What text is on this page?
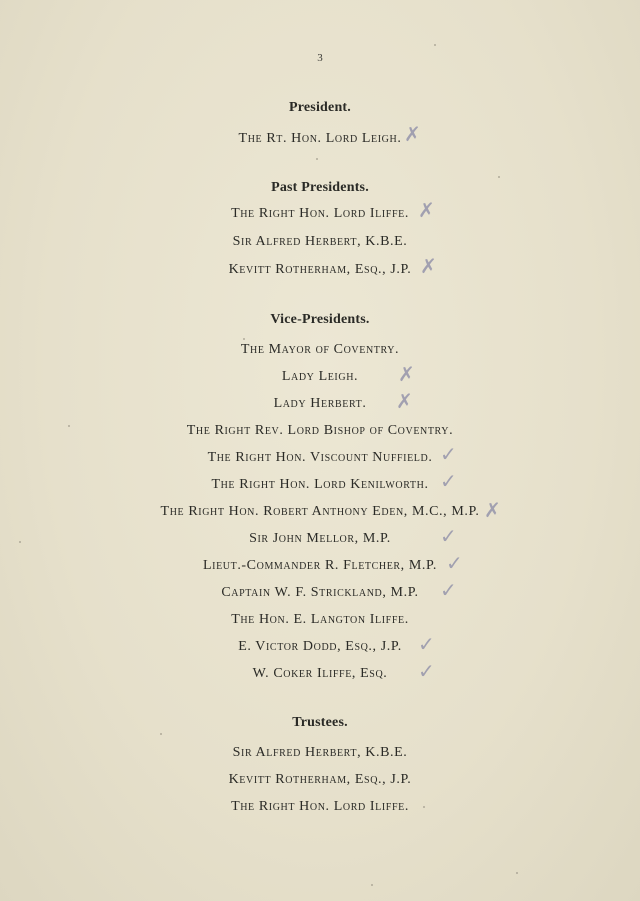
3
President.
The Rt. Hon. Lord Leigh. ✗
Past Presidents.
The Right Hon. Lord Iliffe. ✗
Sir Alfred Herbert, K.B.E.
Kevitt Rotherham, Esq., J.P. ✗
Vice-Presidents.
The Mayor of Coventry.
Lady Leigh.	✗
Lady Herbert.	✗
The Right Rev. Lord Bishop of Coventry.
The Right Hon. Viscount Nuffield. ✓
The Right Hon. Lord Kenilworth. ✓
The Right Hon. Robert Anthony Eden, M.C., M.P. ✗
Sir John Mellor, M.P.	✓
Lieut.-Commander R. Fletcher, M.P. ✓
Captain W. F. Strickland, M.P.	✓
The Hon. E. Langton Iliffe.
E. Victor Dodd, Esq., J.P. ✓
W. Coker Iliffe, Esq.	✓
Trustees.
Sir Alfred Herbert, K.B.E.
Kevitt Rotherham, Esq., J.P.
The Right Hon. Lord Iliffe.
